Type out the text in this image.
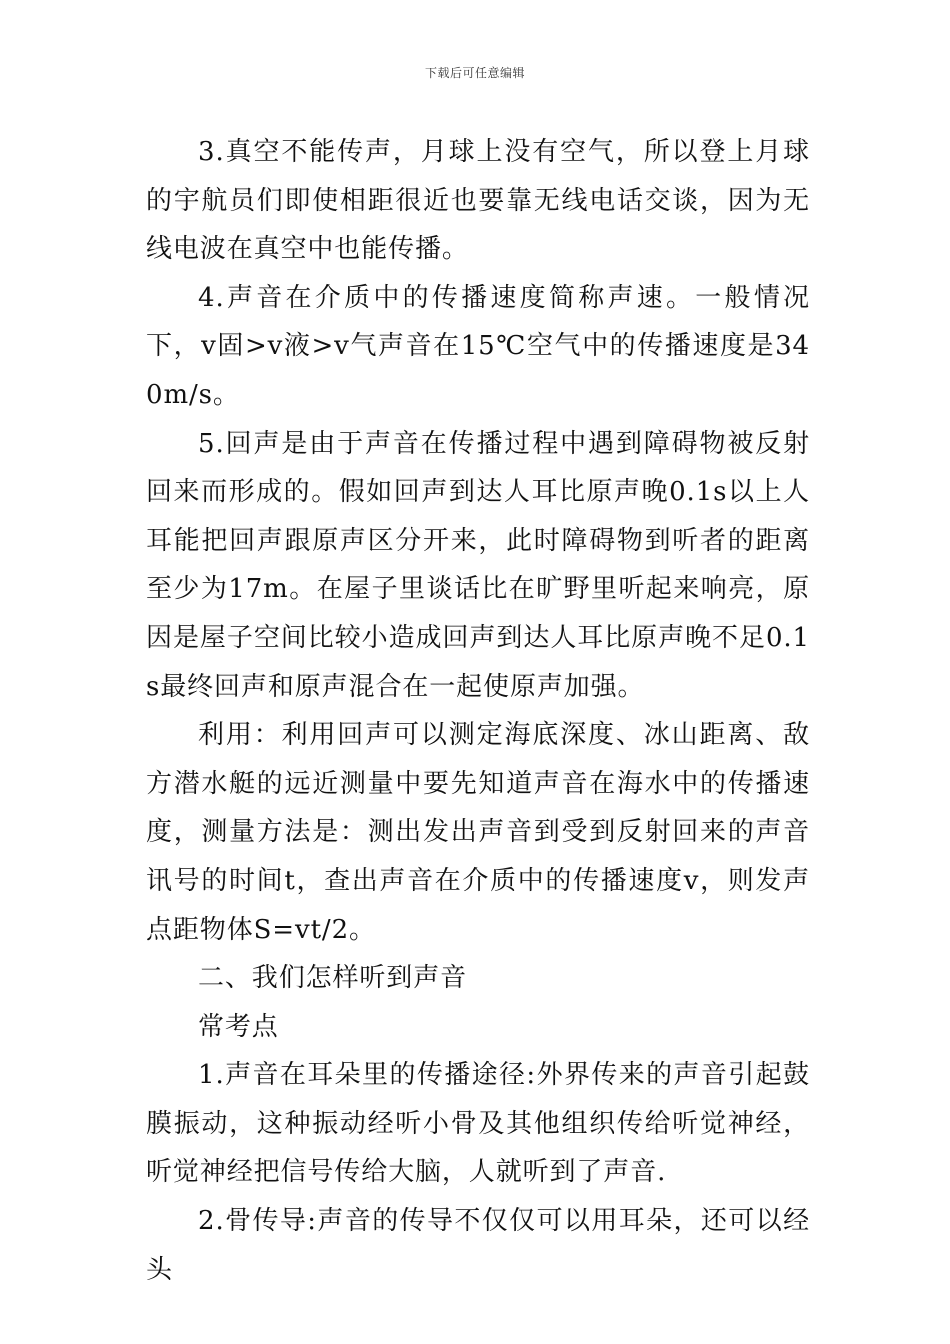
下载后可任意编辑

3.真空不能传声，月球上没有空气，所以登上月球的宇航员们即使相距很近也要靠无线电话交谈，因为无线电波在真空中也能传播。

4.声音在介质中的传播速度简称声速。一般情况下，v固>v液>v气声音在15℃空气中的传播速度是340m/s。

5.回声是由于声音在传播过程中遇到障碍物被反射回来而形成的。假如回声到达人耳比原声晚0.1s以上人耳能把回声跟原声区分开来，此时障碍物到听者的距离至少为17m。在屋子里谈话比在旷野里听起来响亮，原因是屋子空间比较小造成回声到达人耳比原声晚不足0.1s最终回声和原声混合在一起使原声加强。

利用：利用回声可以测定海底深度、冰山距离、敌方潜水艇的远近测量中要先知道声音在海水中的传播速度，测量方法是：测出发出声音到受到反射回来的声音讯号的时间t，查出声音在介质中的传播速度v，则发声点距物体S=vt/2。

二、我们怎样听到声音

常考点

1.声音在耳朵里的传播途径:外界传来的声音引起鼓膜振动，这种振动经听小骨及其他组织传给听觉神经，听觉神经把信号传给大脑，人就听到了声音.

2.骨传导:声音的传导不仅仅可以用耳朵，还可以经头
